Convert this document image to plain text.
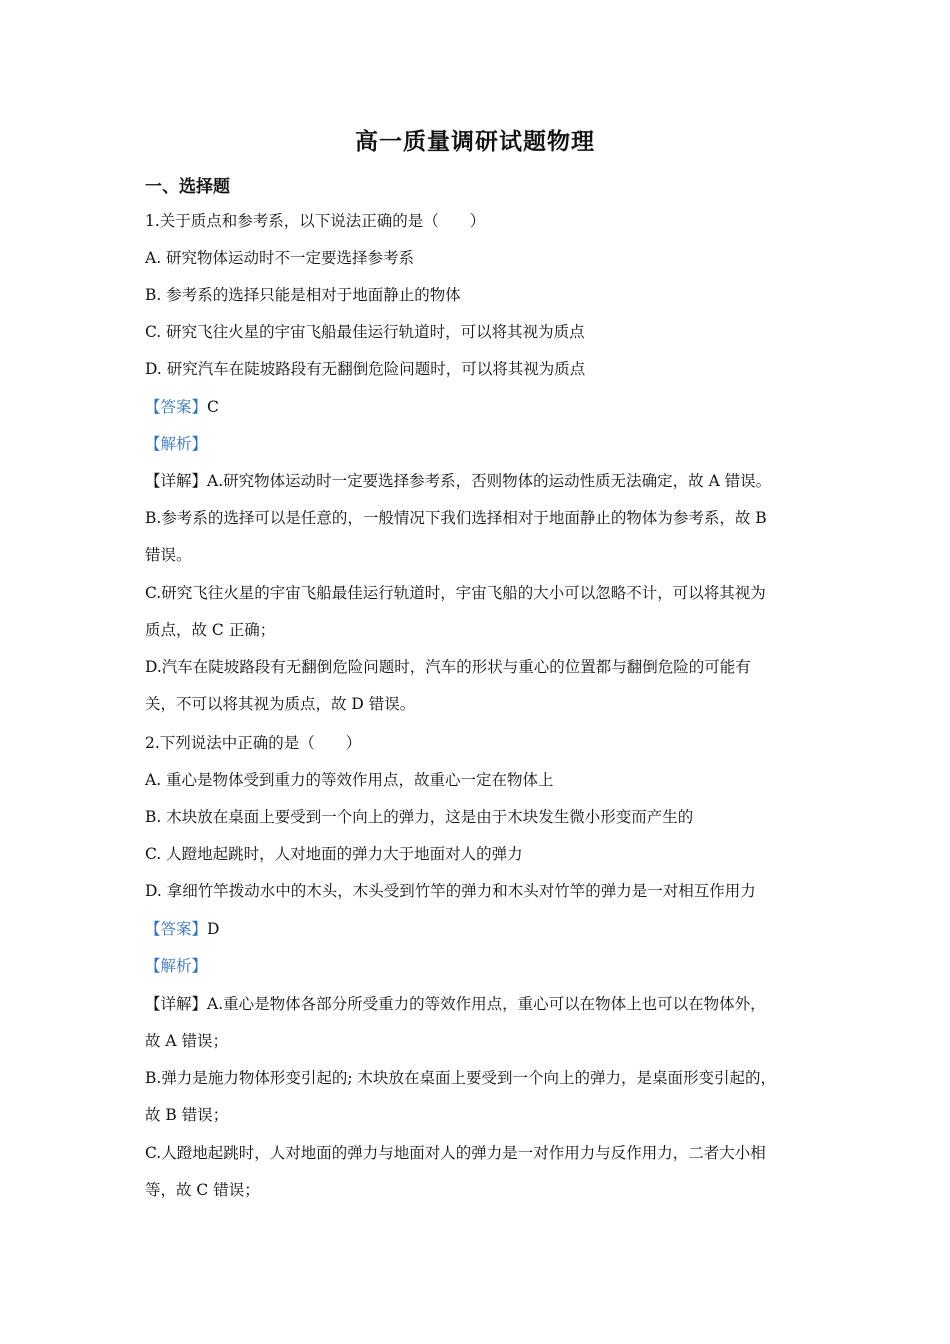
高一质量调研试题物理
一、选择题
1.关于质点和参考系，以下说法正确的是（　　）
A. 研究物体运动时不一定要选择参考系
B. 参考系的选择只能是相对于地面静止的物体
C. 研究飞往火星的宇宙飞船最佳运行轨道时，可以将其视为质点
D. 研究汽车在陡坡路段有无翻倒危险问题时，可以将其视为质点
【答案】C
【解析】
【详解】A.研究物体运动时一定要选择参考系，否则物体的运动性质无法确定，故 A 错误。
B.参考系的选择可以是任意的，一般情况下我们选择相对于地面静止的物体为参考系，故 B
错误。
C.研究飞往火星的宇宙飞船最佳运行轨道时，宇宙飞船的大小可以忽略不计，可以将其视为
质点，故 C 正确；
D.汽车在陡坡路段有无翻倒危险问题时，汽车的形状与重心的位置都与翻倒危险的可能有
关，不可以将其视为质点，故 D 错误。
2.下列说法中正确的是（　　）
A. 重心是物体受到重力的等效作用点，故重心一定在物体上
B. 木块放在桌面上要受到一个向上的弹力，这是由于木块发生微小形变而产生的
C. 人蹬地起跳时，人对地面的弹力大于地面对人的弹力
D. 拿细竹竿拨动水中的木头，木头受到竹竿的弹力和木头对竹竿的弹力是一对相互作用力
【答案】D
【解析】
【详解】A.重心是物体各部分所受重力的等效作用点，重心可以在物体上也可以在物体外，
故 A 错误；
B.弹力是施力物体形变引起的; 木块放在桌面上要受到一个向上的弹力，是桌面形变引起的，
故 B 错误；
C.人蹬地起跳时，人对地面的弹力与地面对人的弹力是一对作用力与反作用力，二者大小相
等，故 C 错误；
